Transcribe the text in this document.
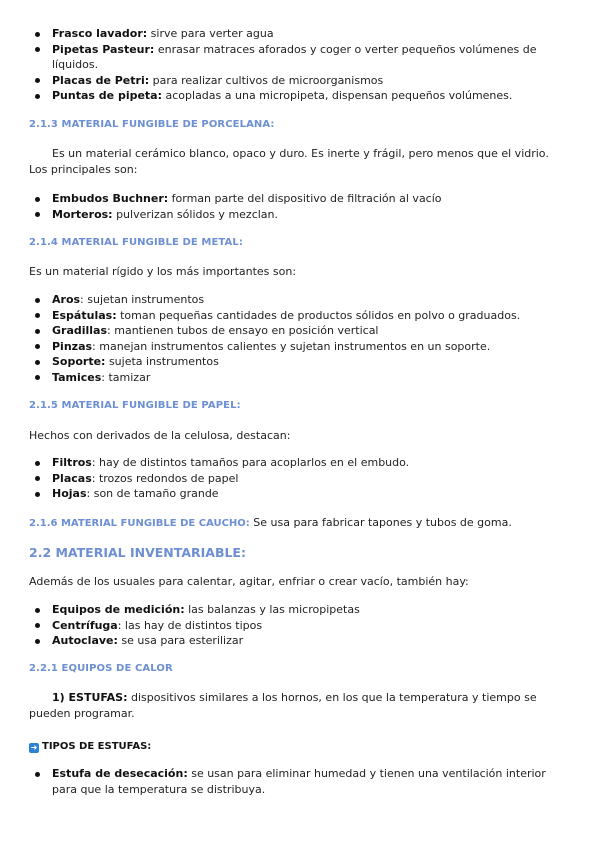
Frasco lavador: sirve para verter agua
Pipetas Pasteur: enrasar matraces aforados y coger o verter pequeños volúmenes de líquidos.
Placas de Petri: para realizar cultivos de microorganismos
Puntas de pipeta: acopladas a una micropipeta, dispensan pequeños volúmenes.
2.1.3 MATERIAL FUNGIBLE DE PORCELANA:
Es un material cerámico blanco, opaco y duro. Es inerte y frágil, pero menos que el vidrio. Los principales son:
Embudos Buchner: forman parte del dispositivo de filtración al vacío
Morteros: pulverizan sólidos y mezclan.
2.1.4 MATERIAL FUNGIBLE DE METAL:
Es un material rígido y los más importantes son:
Aros: sujetan instrumentos
Espátulas: toman pequeñas cantidades de productos sólidos en polvo o graduados.
Gradillas: mantienen tubos de ensayo en posición vertical
Pinzas: manejan instrumentos calientes y sujetan instrumentos en un soporte.
Soporte: sujeta instrumentos
Tamices: tamizar
2.1.5 MATERIAL FUNGIBLE DE PAPEL:
Hechos con derivados de la celulosa, destacan:
Filtros: hay de distintos tamaños para acoplarlos en el embudo.
Placas: trozos redondos de papel
Hojas: son de tamaño grande
2.1.6 MATERIAL FUNGIBLE DE CAUCHO: Se usa para fabricar tapones y tubos de goma.
2.2 MATERIAL INVENTARIABLE:
Además de los usuales para calentar, agitar, enfriar o crear vacío, también hay:
Equipos de medición: las balanzas y las micropipetas
Centrífuga: las hay de distintos tipos
Autoclave: se usa para esterilizar
2.2.1 EQUIPOS DE CALOR
1) ESTUFAS: dispositivos similares a los hornos, en los que la temperatura y tiempo se pueden programar.
➜ TIPOS DE ESTUFAS:
Estufa de desecación: se usan para eliminar humedad y tienen una ventilación interior para que la temperatura se distribuya.
